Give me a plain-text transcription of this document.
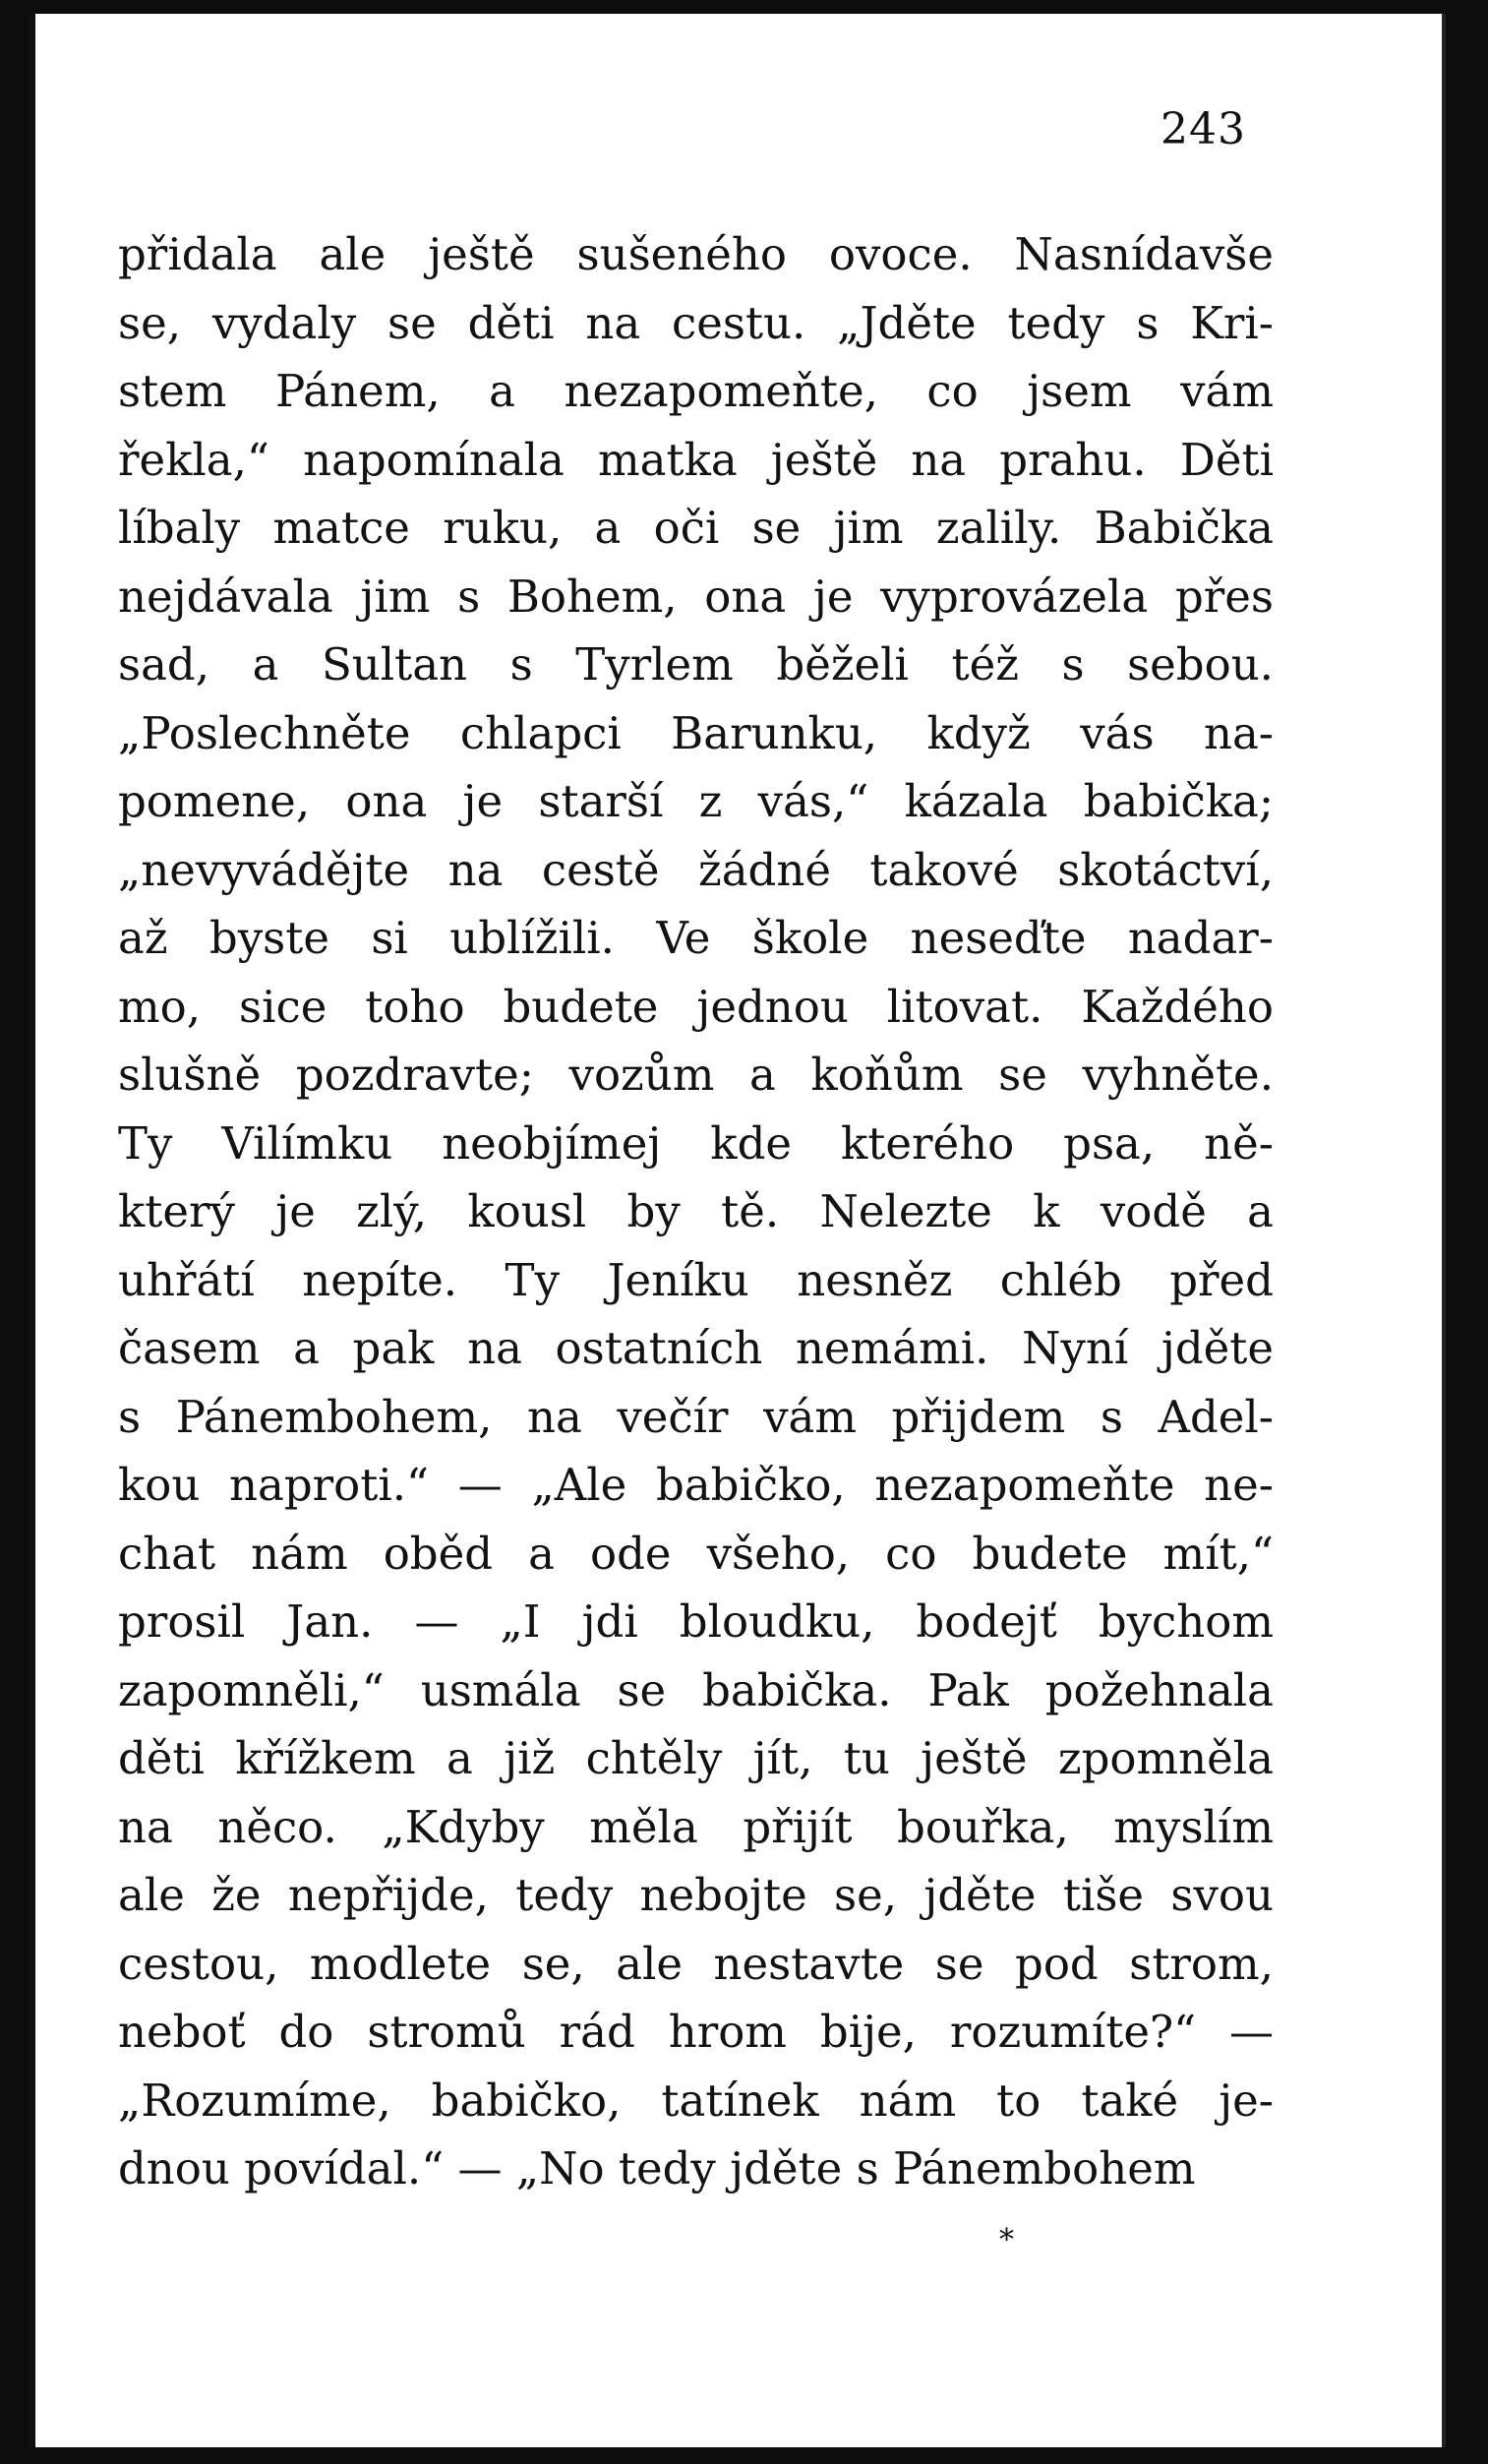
243
přidala ale ještě sušeného ovoce. Nasnídavše
se, vydaly se děti na cestu. „Jděte tedy s Kri-
stem Pánem, a nezapomeňte, co jsem vám
řekla,“ napomínala matka ještě na prahu. Děti
líbaly matce ruku, a oči se jim zalily. Babička
nejdávala jim s Bohem, ona je vyprovázela přes
sad, a Sultan s Tyrlem běželi též s sebou.
„Poslechněte chlapci Barunku, když vás na-
pomene, ona je starší z vás,“ kázala babička;
„nevyvádějte na cestě žádné takové skotáctví,
až byste si ublížili. Ve škole neseďte nadar-
mo, sice toho budete jednou litovat. Každého
slušně pozdravte; vozům a koňům se vyhněte.
Ty Vilímku neobjímej kde kterého psa, ně-
který je zlý, kousl by tě. Nelezte k vodě a
uhřátí nepíte. Ty Jeníku nesněz chléb před
časem a pak na ostatních nemámi. Nyní jděte
s Pánembohem, na večír vám přijdem s Adel-
kou naproti.“ — „Ale babičko, nezapomeňte ne-
chat nám oběd a ode všeho, co budete mít,“
prosil Jan. — „I jdi bloudku, bodejť bychom
zapomněli,“ usmála se babička. Pak požehnala
děti křížkem a již chtěly jít, tu ještě zpomněla
na něco. „Kdyby měla přijít bouřka, myslím
ale že nepřijde, tedy nebojte se, jděte tiše svou
cestou, modlete se, ale nestavte se pod strom,
neboť do stromů rád hrom bije, rozumíte?“ —
„Rozumíme, babičko, tatínek nám to také je-
dnou povídal.“ — „No tedy jděte s Pánembohem
*
